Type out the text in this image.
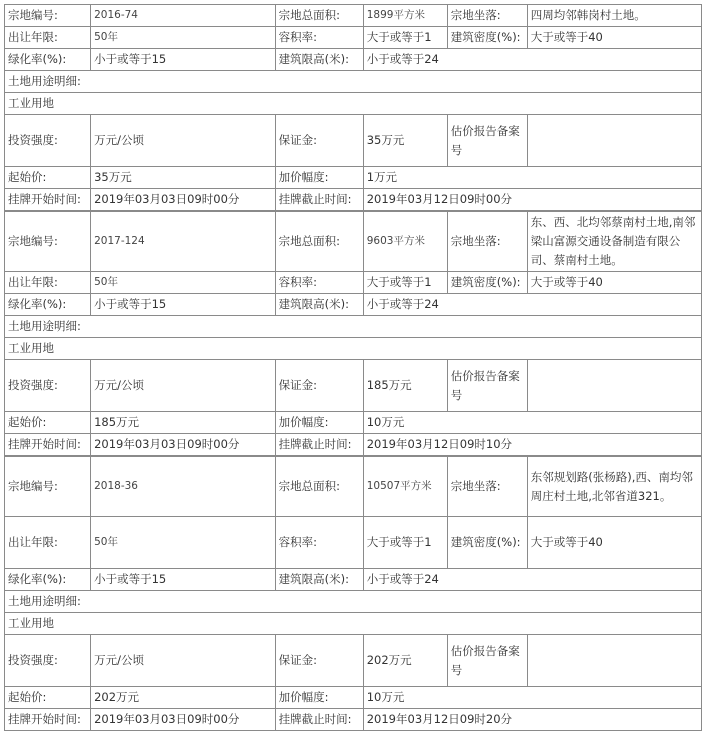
宗地编号:	2016-74	宗地总面积:	1899平方米	宗地坐落:	四周均邻韩岗村土地。
出让年限:	50年	容积率:	大于或等于1	建筑密度(%):	大于或等于40
绿化率(%):	小于或等于15	建筑限高(米):	小于或等于24		
土地用途明细:					
工业用地					
投资强度:	万元/公顷	保证金:	35万元	估价报告备案号	
起始价:	35万元	加价幅度:	1万元		
挂牌开始时间:	2019年03月03日09时00分	挂牌截止时间:	2019年03月12日09时00分		
宗地编号:	2017-124	宗地总面积:	9603平方米	宗地坐落:	东、西、北均邻蔡南村土地,南邻梁山富源交通设备制造有限公司、蔡南村土地。
出让年限:	50年	容积率:	大于或等于1	建筑密度(%):	大于或等于40
绿化率(%):	小于或等于15	建筑限高(米):	小于或等于24		
土地用途明细:					
工业用地					
投资强度:	万元/公顷	保证金:	185万元	估价报告备案号	
起始价:	185万元	加价幅度:	10万元		
挂牌开始时间:	2019年03月03日09时00分	挂牌截止时间:	2019年03月12日09时10分		
宗地编号:	2018-36	宗地总面积:	10507平方米	宗地坐落:	东邻规划路(张杨路),西、南均邻周庄村土地,北邻省道321。
出让年限:	50年	容积率:	大于或等于1	建筑密度(%):	大于或等于40
绿化率(%):	小于或等于15	建筑限高(米):	小于或等于24		
土地用途明细:					
工业用地					
投资强度:	万元/公顷	保证金:	202万元	估价报告备案号	
起始价:	202万元	加价幅度:	10万元		
挂牌开始时间:	2019年03月03日09时00分	挂牌截止时间:	2019年03月12日09时20分		
